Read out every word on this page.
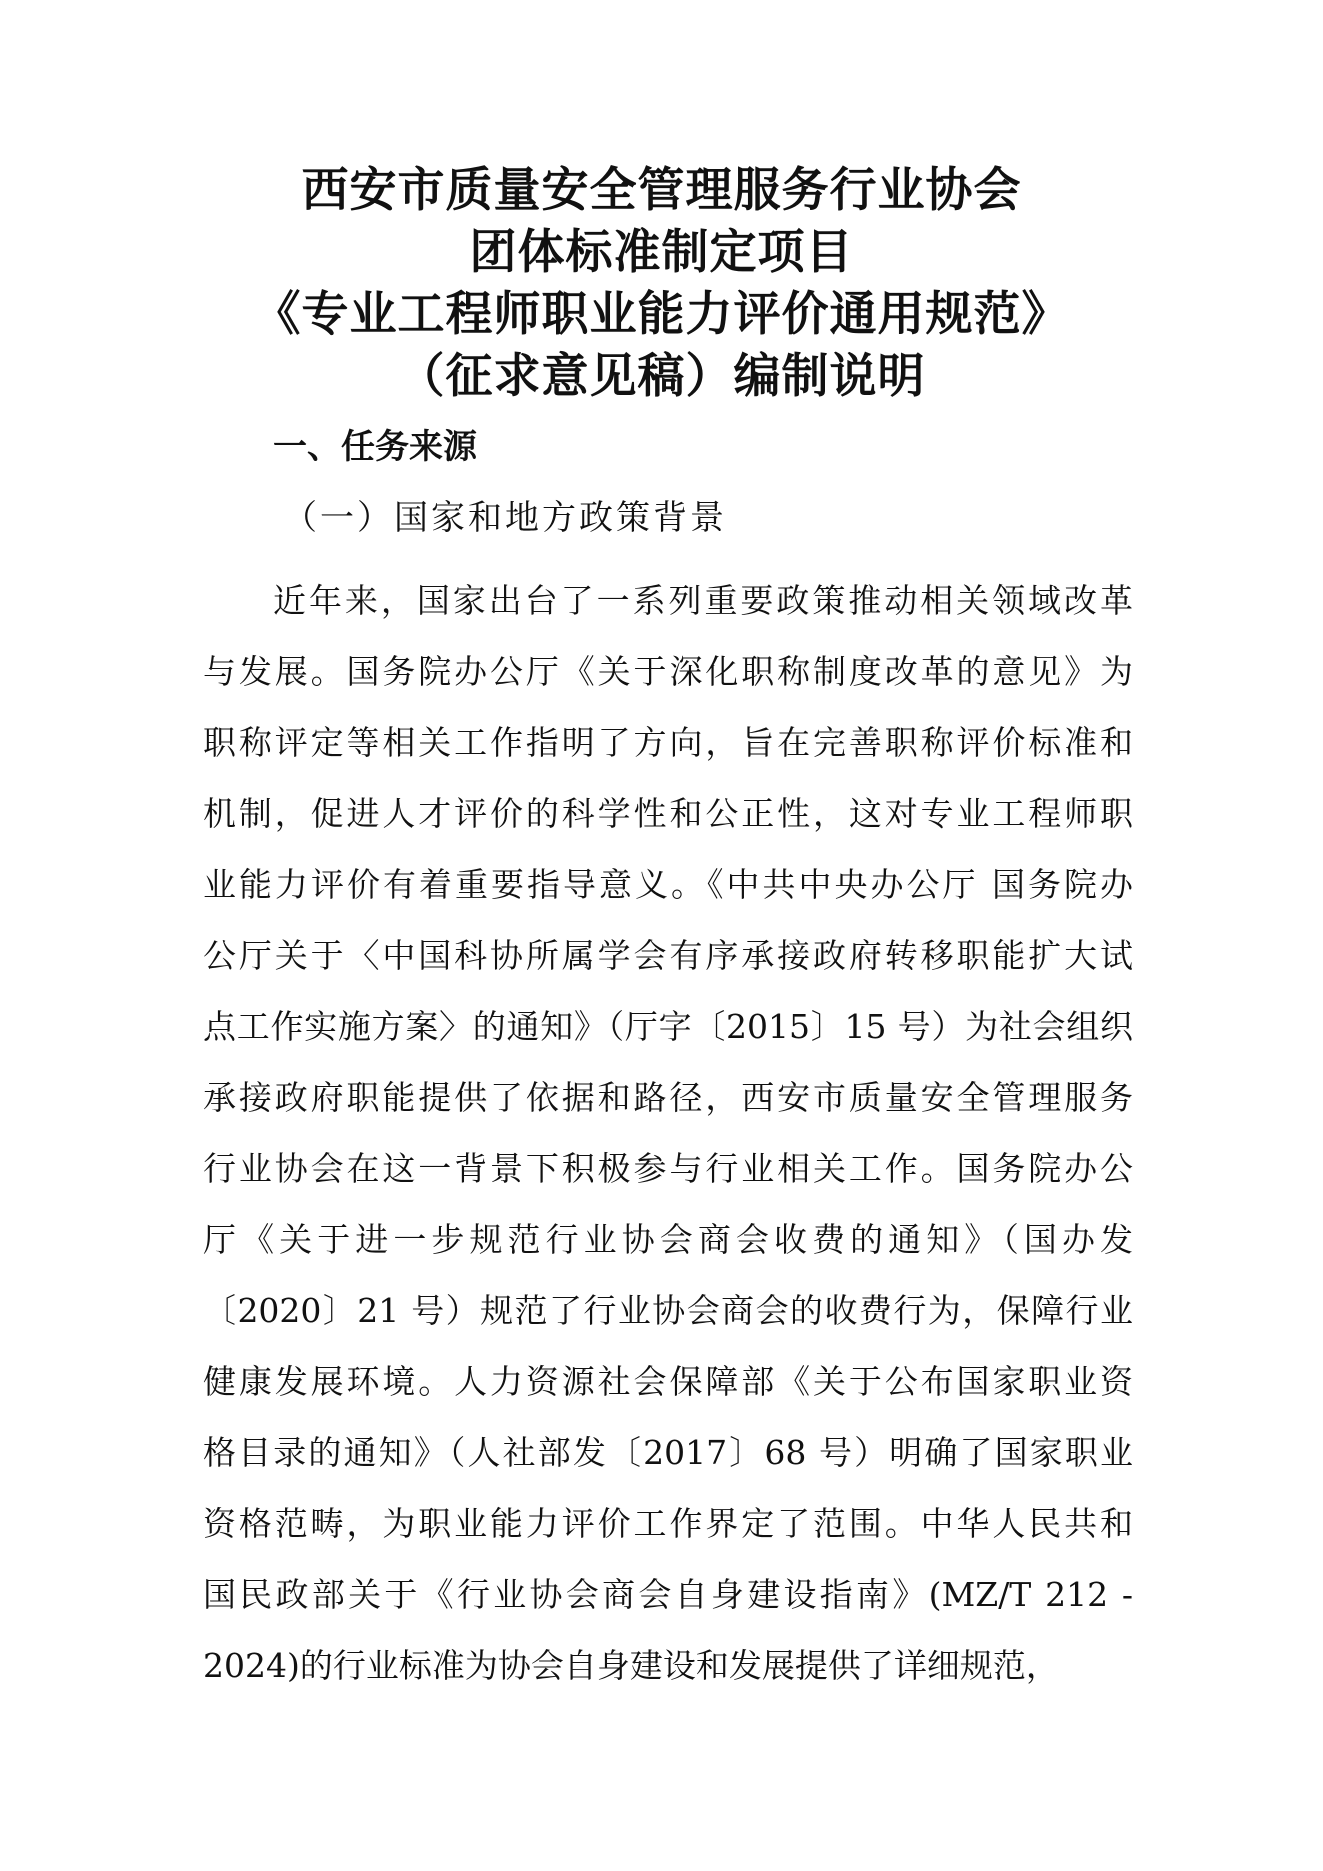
西安市质量安全管理服务行业协会
团体标准制定项目
《专业工程师职业能力评价通用规范》
（征求意见稿）编制说明
一、任务来源
（一）国家和地方政策背景
近年来，国家出台了一系列重要政策推动相关领域改革
与发展。国务院办公厅《关于深化职称制度改革的意见》为
职称评定等相关工作指明了方向，旨在完善职称评价标准和
机制，促进人才评价的科学性和公正性，这对专业工程师职
业能力评价有着重要指导意义。《中共中央办公厅 国务院办
公厅关于〈中国科协所属学会有序承接政府转移职能扩大试
点工作实施方案〉的通知》（厅字〔2015〕15 号）为社会组织
承接政府职能提供了依据和路径，西安市质量安全管理服务
行业协会在这一背景下积极参与行业相关工作。国务院办公
厅《关于进一步规范行业协会商会收费的通知》（国办发
〔2020〕21 号）规范了行业协会商会的收费行为，保障行业
健康发展环境。人力资源社会保障部《关于公布国家职业资
格目录的通知》（人社部发〔2017〕68 号）明确了国家职业
资格范畴，为职业能力评价工作界定了范围。中华人民共和
国民政部关于《行业协会商会自身建设指南》(MZ/T 212 -
2024)的行业标准为协会自身建设和发展提供了详细规范，
